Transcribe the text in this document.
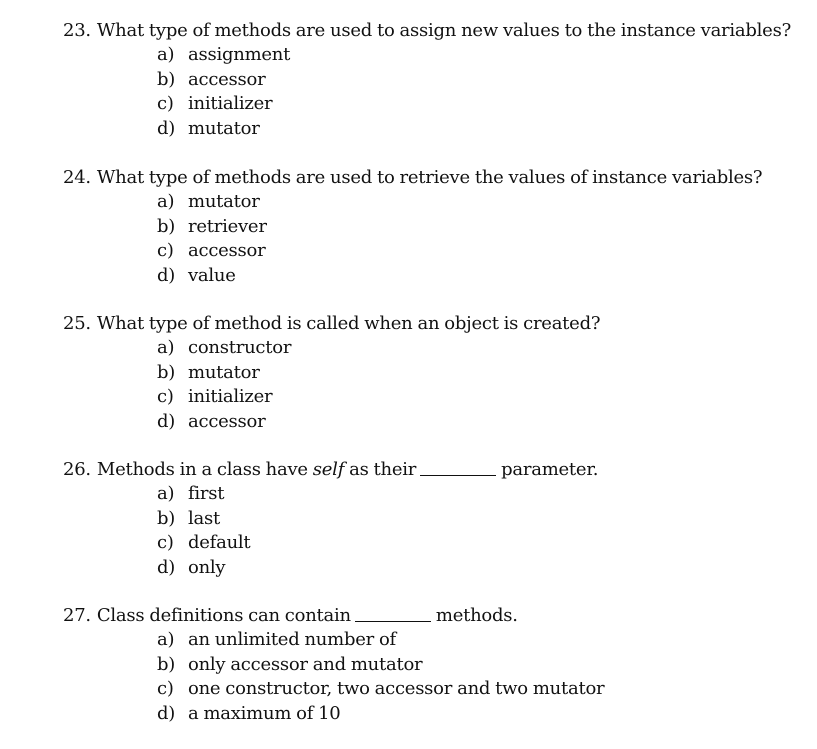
23. What type of methods are used to assign new values to the instance variables?
a) assignment
b) accessor
c) initializer
d) mutator
24. What type of methods are used to retrieve the values of instance variables?
a) mutator
b) retriever
c) accessor
d) value
25. What type of method is called when an object is created?
a) constructor
b) mutator
c) initializer
d) accessor
26. Methods in a class have self as their	parameter.
a) first
b) last
c) default
d) only
27. Class definitions can contain	methods.
a) an unlimited number of
b) only accessor and mutator
c) one constructor, two accessor and two mutator
d) a maximum of 10
